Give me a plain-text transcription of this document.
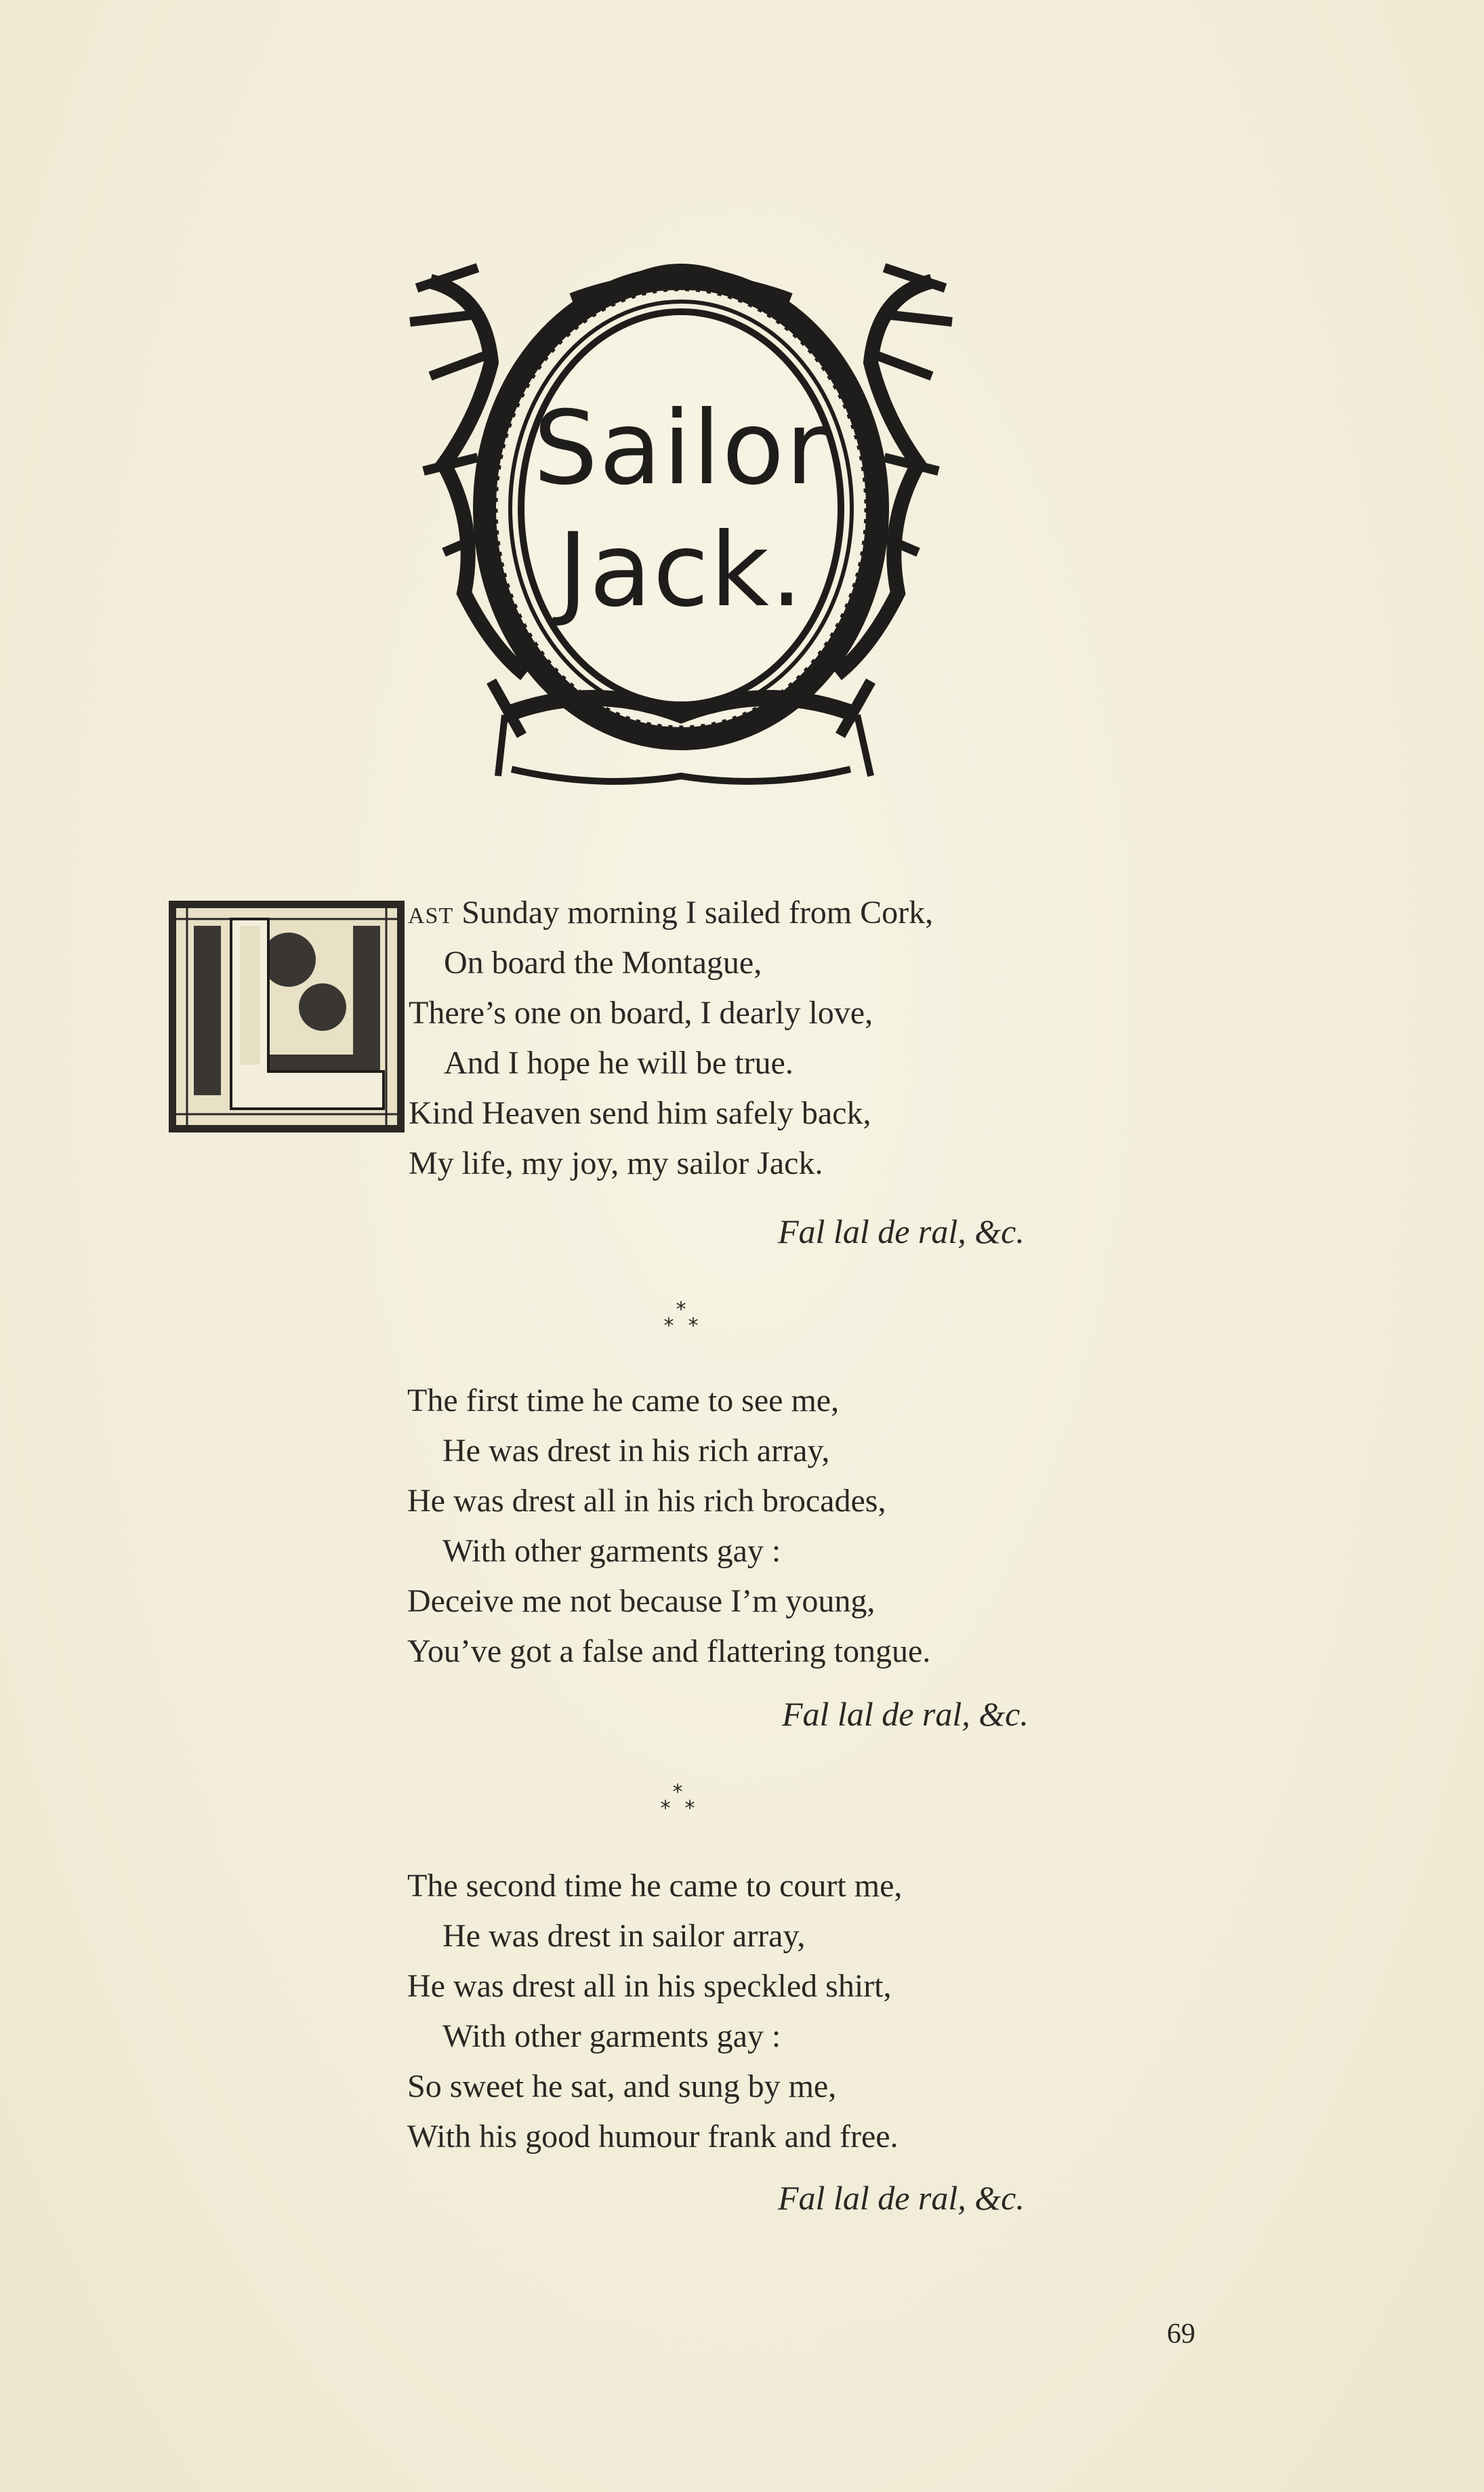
Sailor
Jack.
L
AST Sunday morning I sailed from Cork,
On board the Montague,
There’s one on board, I dearly love,
And I hope he will be true.
Kind Heaven send him safely back,
My life, my joy, my sailor Jack.
Fal lal de ral, &c.
*
* *
The first time he came to see me,
He was drest in his rich array,
He was drest all in his rich brocades,
With other garments gay :
Deceive me not because I’m young,
You’ve got a false and flattering tongue.
Fal lal de ral, &c.
*
* *
The second time he came to court me,
He was drest in sailor array,
He was drest all in his speckled shirt,
With other garments gay :
So sweet he sat, and sung by me,
With his good humour frank and free.
Fal lal de ral, &c.
69
